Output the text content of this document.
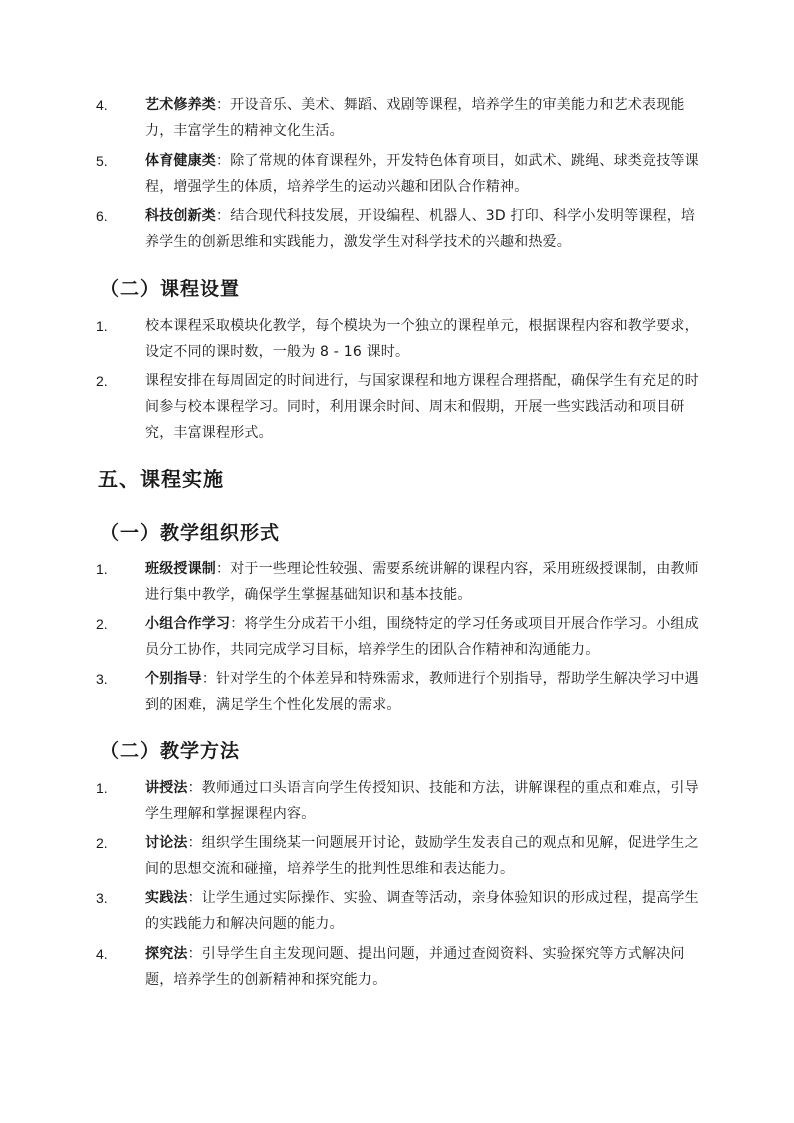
4.	艺术修养类：开设音乐、美术、舞蹈、戏剧等课程，培养学生的审美能力和艺术表现能力，丰富学生的精神文化生活。
5.	体育健康类：除了常规的体育课程外，开发特色体育项目，如武术、跳绳、球类竞技等课程，增强学生的体质，培养学生的运动兴趣和团队合作精神。
6.	科技创新类：结合现代科技发展，开设编程、机器人、3D 打印、科学小发明等课程，培养学生的创新思维和实践能力，激发学生对科学技术的兴趣和热爱。
（二）课程设置
1.	校本课程采取模块化教学，每个模块为一个独立的课程单元，根据课程内容和教学要求，设定不同的课时数，一般为 8 - 16 课时。
2.	课程安排在每周固定的时间进行，与国家课程和地方课程合理搭配，确保学生有充足的时间参与校本课程学习。同时，利用课余时间、周末和假期，开展一些实践活动和项目研究，丰富课程形式。
五、课程实施
（一）教学组织形式
1.	班级授课制：对于一些理论性较强、需要系统讲解的课程内容，采用班级授课制，由教师进行集中教学，确保学生掌握基础知识和基本技能。
2.	小组合作学习：将学生分成若干小组，围绕特定的学习任务或项目开展合作学习。小组成员分工协作，共同完成学习目标，培养学生的团队合作精神和沟通能力。
3.	个别指导：针对学生的个体差异和特殊需求，教师进行个别指导，帮助学生解决学习中遇到的困难，满足学生个性化发展的需求。
（二）教学方法
1.	讲授法：教师通过口头语言向学生传授知识、技能和方法，讲解课程的重点和难点，引导学生理解和掌握课程内容。
2.	讨论法：组织学生围绕某一问题展开讨论，鼓励学生发表自己的观点和见解，促进学生之间的思想交流和碰撞，培养学生的批判性思维和表达能力。
3.	实践法：让学生通过实际操作、实验、调查等活动，亲身体验知识的形成过程，提高学生的实践能力和解决问题的能力。
4.	探究法：引导学生自主发现问题、提出问题，并通过查阅资料、实验探究等方式解决问题，培养学生的创新精神和探究能力。
